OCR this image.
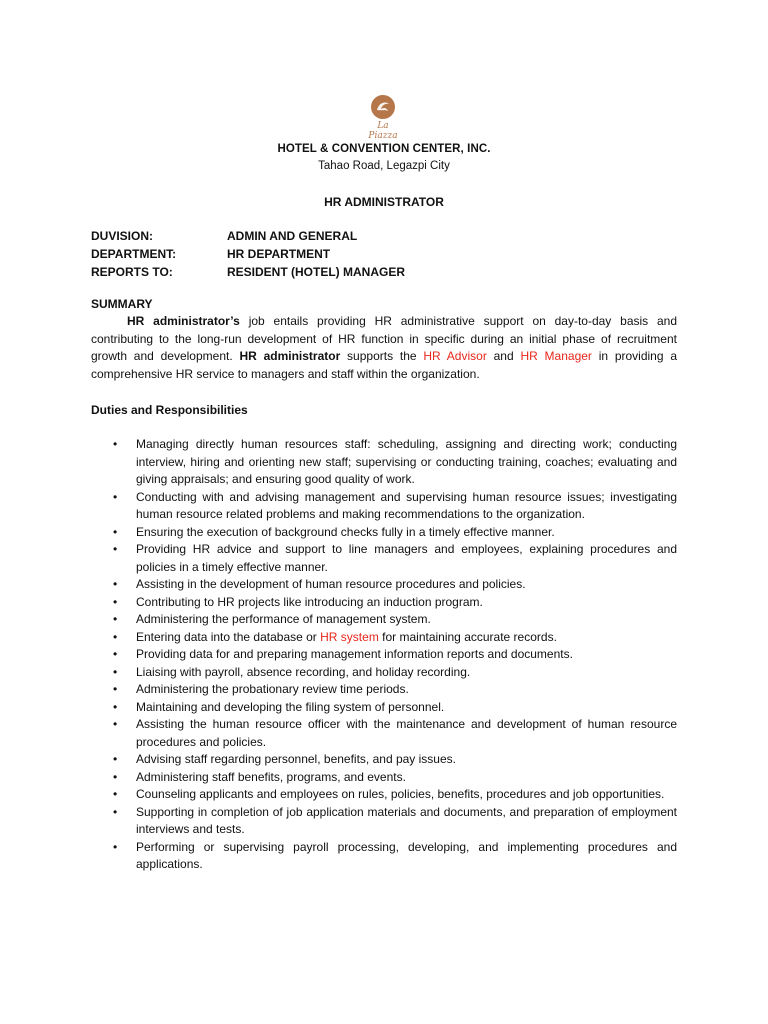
La Piazza
HOTEL & CONVENTION CENTER, INC.
Tahao Road, Legazpi City
HR ADMINISTRATOR
DUVISION:	ADMIN AND GENERAL
DEPARTMENT:	HR DEPARTMENT
REPORTS TO:	RESIDENT (HOTEL) MANAGER
SUMMARY
HR administrator’s job entails providing HR administrative support on day-to-day basis and contributing to the long-run development of HR function in specific during an initial phase of recruitment growth and development. HR administrator supports the HR Advisor and HR Manager in providing a comprehensive HR service to managers and staff within the organization.
Duties and Responsibilities
• Managing directly human resources staff: scheduling, assigning and directing work; conducting interview, hiring and orienting new staff; supervising or conducting training, coaches; evaluating and giving appraisals; and ensuring good quality of work.
• Conducting with and advising management and supervising human resource issues; investigating human resource related problems and making recommendations to the organization.
• Ensuring the execution of background checks fully in a timely effective manner.
• Providing HR advice and support to line managers and employees, explaining procedures and policies in a timely effective manner.
• Assisting in the development of human resource procedures and policies.
• Contributing to HR projects like introducing an induction program.
• Administering the performance of management system.
• Entering data into the database or HR system for maintaining accurate records.
• Providing data for and preparing management information reports and documents.
• Liaising with payroll, absence recording, and holiday recording.
• Administering the probationary review time periods.
• Maintaining and developing the filing system of personnel.
• Assisting the human resource officer with the maintenance and development of human resource procedures and policies.
• Advising staff regarding personnel, benefits, and pay issues.
• Administering staff benefits, programs, and events.
• Counseling applicants and employees on rules, policies, benefits, procedures and job opportunities.
• Supporting in completion of job application materials and documents, and preparation of employment interviews and tests.
• Performing or supervising payroll processing, developing, and implementing procedures and applications.
